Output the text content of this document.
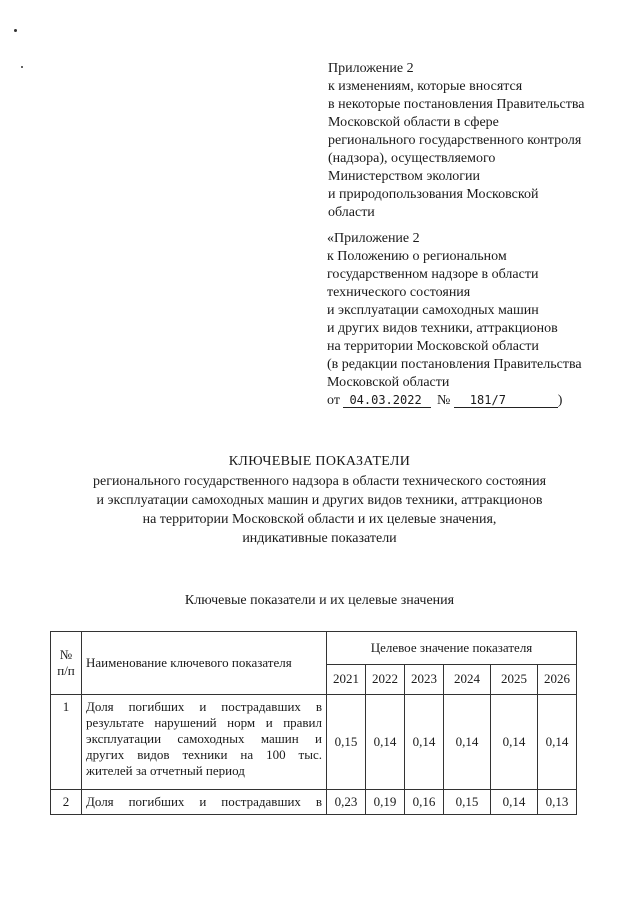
Приложение 2
к изменениям, которые вносятся
в некоторые постановления Правительства
Московской области в сфере
регионального государственного контроля
(надзора), осуществляемого
Министерством экологии
и природопользования Московской
области
«Приложение 2
к Положению о региональном
государственном надзоре в области
технического состояния
и эксплуатации самоходных машин
и других видов техники, аттракционов
на территории Московской области
(в редакции постановления Правительства
Московской области
от 04.03.2022 № 181/7	)
КЛЮЧЕВЫЕ ПОКАЗАТЕЛИ
регионального государственного надзора в области технического состояния
и эксплуатации самоходных машин и других видов техники, аттракционов
на территории Московской области и их целевые значения,
индикативные показатели
Ключевые показатели и их целевые значения
№ п/п	Наименование ключевого показателя	Целевое значение показателя					
		2021	2022	2023	2024	2025	2026
1	Доля погибших и пострадавших в результате нарушений норм и правил эксплуатации самоходных машин и других видов техники на 100 тыс. жителей за отчетный период	0,15	0,14	0,14	0,14	0,14	0,14
2	Доля погибших и пострадавших в	0,23	0,19	0,16	0,15	0,14	0,13
